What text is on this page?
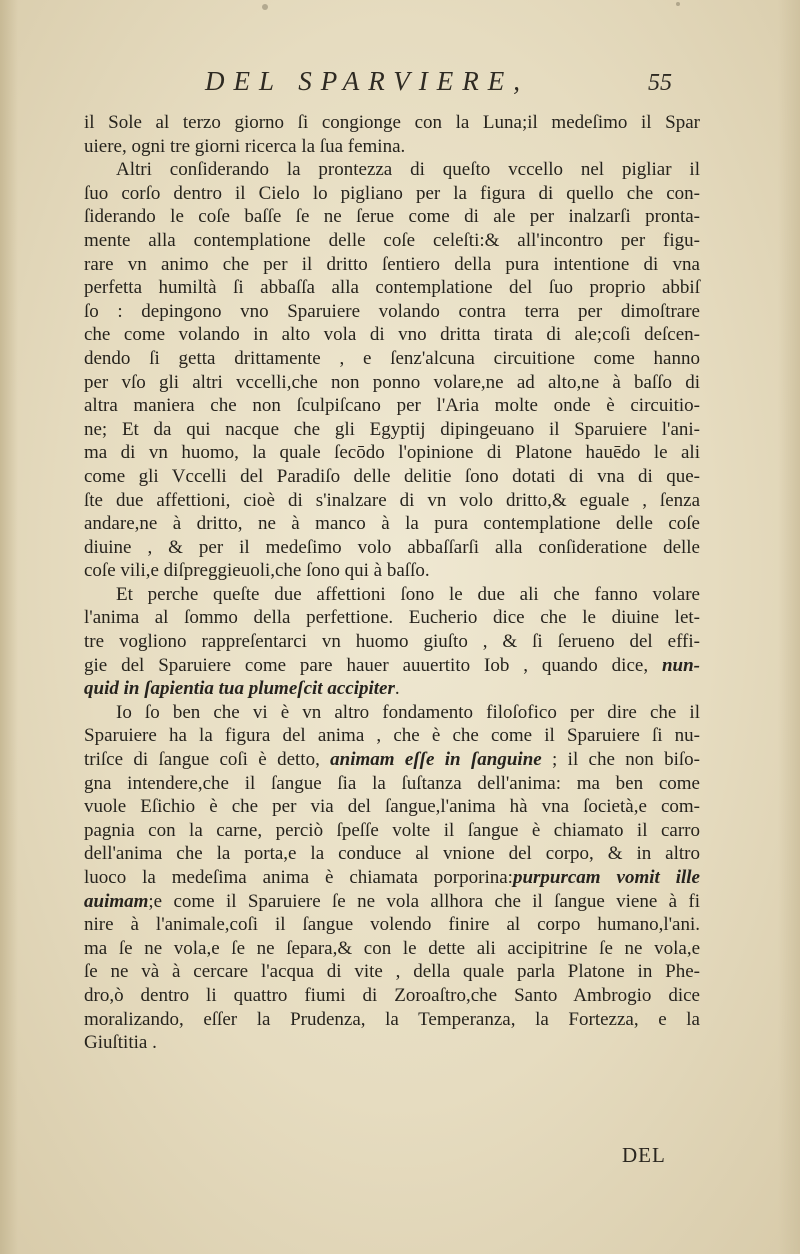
DEL SPARVIERE,	55
il Sole al terzo giorno ſi congionge con la Luna;il medeſimo il Spar
uiere, ogni tre giorni ricerca la ſua femina.
Altri conſiderando la prontezza di queſto vccello nel pigliar il
ſuo corſo dentro il Cielo lo pigliano per la figura di quello che con-
ſiderando le coſe baſſe ſe ne ſerue come di ale per inalzarſi pronta-
mente alla contemplatione delle coſe celeſti:& all'incontro per figu-
rare vn animo che per il dritto ſentiero della pura intentione di vna
perfetta humiltà ſi abbaſſa alla contemplatione del ſuo proprio abbiſ
ſo : depingono vno Sparuiere volando contra terra per dimoſtrare
che come volando in alto vola di vno dritta tirata di ale;coſi deſcen-
dendo ſi getta drittamente , e ſenz'alcuna circuitione come hanno
per vſo gli altri vccelli,che non ponno volare,ne ad alto,ne à baſſo di
altra maniera che non ſculpiſcano per l'Aria molte onde è circuitio-
ne; Et da qui nacque che gli Egyptij dipingeuano il Sparuiere l'ani-
ma di vn huomo, la quale ſecōdo l'opinione di Platone hauēdo le ali
come gli Vccelli del Paradiſo delle delitie ſono dotati di vna di que-
ſte due affettioni, cioè di s'inalzare di vn volo dritto,& eguale , ſenza
andare,ne à dritto, ne à manco à la pura contemplatione delle coſe
diuine , & per il medeſimo volo abbaſſarſi alla conſideratione delle
coſe vili,e diſpreggieuoli,che ſono qui à baſſo.
Et perche queſte due affettioni ſono le due ali che fanno volare
l'anima al ſommo della perfettione. Eucherio dice che le diuine let-
tre vogliono rappreſentarci vn huomo giuſto , & ſi ſerueno del effi-
gie del Sparuiere come pare hauer auuertito Iob , quando dice, nun-
quid in ſapientia tua plumeſcit accipiter.
Io ſo ben che vi è vn altro fondamento filoſofico per dire che il
Sparuiere ha la figura del anima , che è che come il Sparuiere ſi nu-
triſce di ſangue coſi è detto, animam eſſe in ſanguine ; il che non biſo-
gna intendere,che il ſangue ſia la ſuſtanza dell'anima: ma ben come
vuole Eſichio è che per via del ſangue,l'anima hà vna ſocietà,e com-
pagnia con la carne, perciò ſpeſſe volte il ſangue è chiamato il carro
dell'anima che la porta,e la conduce al vnione del corpo, & in altro
luoco la medeſima anima è chiamata porporina:purpurcam vomit ille
auimam;e come il Sparuiere ſe ne vola allhora che il ſangue viene à fi
nire à l'animale,coſi il ſangue volendo finire al corpo humano,l'ani.
ma ſe ne vola,e ſe ne ſepara,& con le dette ali accipitrine ſe ne vola,e
ſe ne và à cercare l'acqua di vite , della quale parla Platone in Phe-
dro,ò dentro li quattro fiumi di Zoroaſtro,che Santo Ambrogio dice
moralizando, eſſer la Prudenza, la Temperanza, la Fortezza, e la
Giuſtitia .
DEL
